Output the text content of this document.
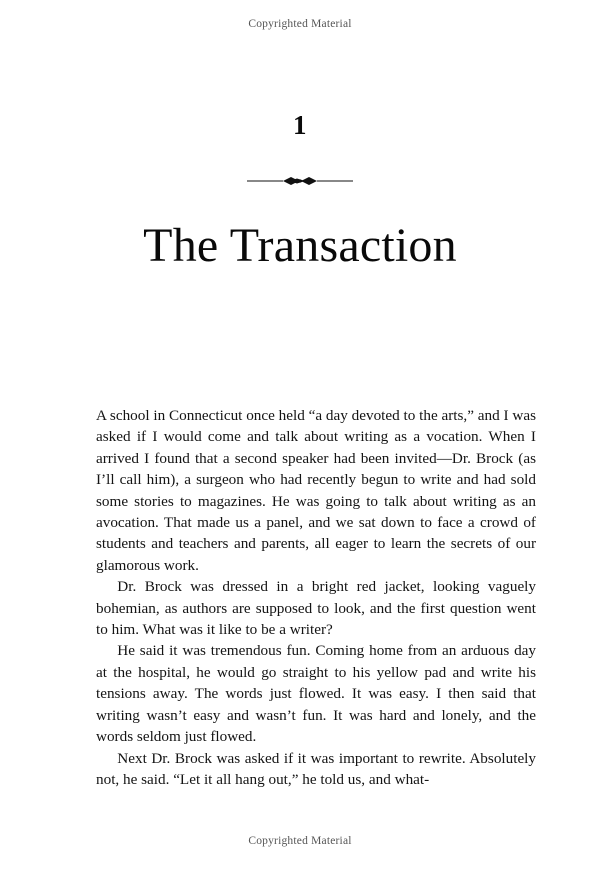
Copyrighted Material
1
The Transaction

A school in Connecticut once held “a day devoted to the arts,” and I was asked if I would come and talk about writing as a vocation. When I arrived I found that a second speaker had been invited—Dr. Brock (as I’ll call him), a surgeon who had recently begun to write and had sold some stories to magazines. He was going to talk about writing as an avocation. That made us a panel, and we sat down to face a crowd of students and teachers and parents, all eager to learn the secrets of our glamorous work.

Dr. Brock was dressed in a bright red jacket, looking vaguely bohemian, as authors are supposed to look, and the first question went to him. What was it like to be a writer?

He said it was tremendous fun. Coming home from an arduous day at the hospital, he would go straight to his yellow pad and write his tensions away. The words just flowed. It was easy. I then said that writing wasn’t easy and wasn’t fun. It was hard and lonely, and the words seldom just flowed.

Next Dr. Brock was asked if it was important to rewrite. Absolutely not, he said. “Let it all hang out,” he told us, and what-

Copyrighted Material
